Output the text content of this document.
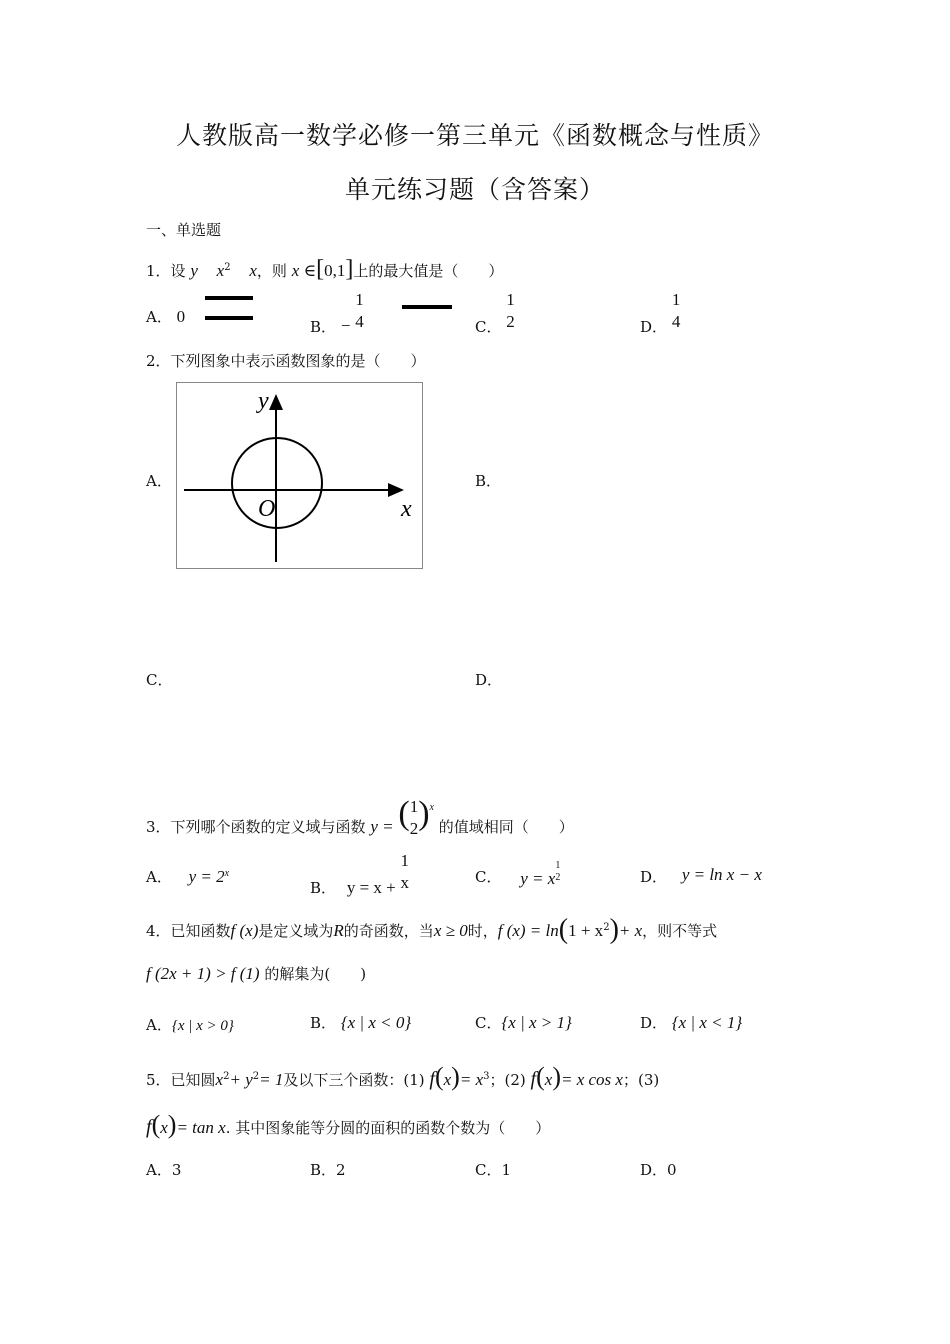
人教版高一数学必修一第三单元《函数概念与性质》
单元练习题（含答案）
一、单选题
1．设 y $x^2$ x，则 x ∈[0,1]上的最大值是（　　）
A． 0
B． −
1
4	C．
1
2	D．
1
4
2．下列图象中表示函数图象的是（　　）
A．	B．
C．	D．
y
x
O
3．下列哪个函数的定义域与函数 y = ( 1
2 )$^x$ 的值域相同（　　）
A． $y = 2^x$
B． y = x +
1
x	C． y = x
1
2	D． y = ln x − x
4．已知函数f (x)是定义域为R的奇函数，当x ≥ 0时，f $(x) = \ln(1 + x^2)+ x$，则不等式
f (2x + 1) > f (1) 的解集为(　　)
A．{x | x > 0}	B． {x | x < 0}	C．{x | x > 1}	D． {x | x < 1}
5．已知圆$x^2+ y^2= 1$及以下三个函数：(1) $f(x)= x^3$；(2) f(x)= x cos x；(3)
f(x)= tan x. 其中图象能等分圆的面积的函数个数为（　　）
A．3	B．2	C．1	D．0
